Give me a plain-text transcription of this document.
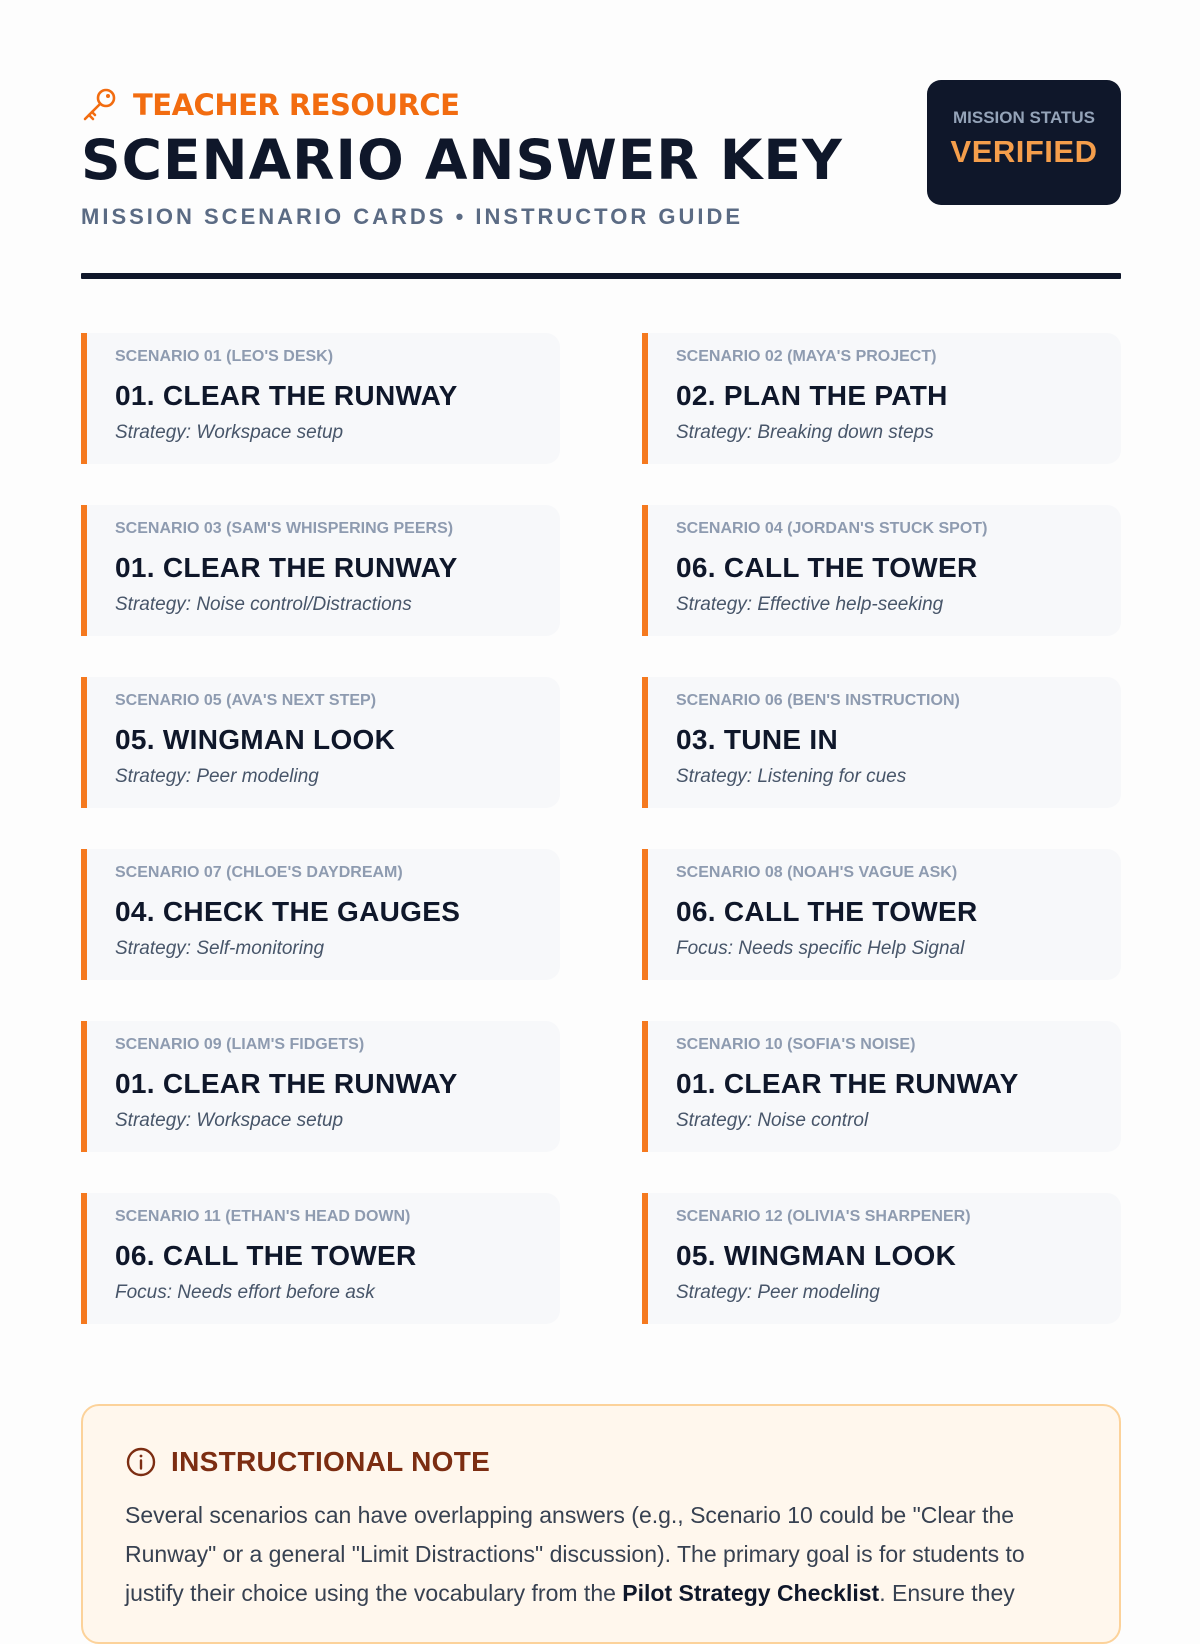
TEACHER RESOURCE
SCENARIO ANSWER KEY
MISSION SCENARIO CARDS • INSTRUCTOR GUIDE
MISSION STATUS
VERIFIED
SCENARIO 01 (LEO'S DESK)
01. CLEAR THE RUNWAY
Strategy: Workspace setup
SCENARIO 02 (MAYA'S PROJECT)
02. PLAN THE PATH
Strategy: Breaking down steps
SCENARIO 03 (SAM'S WHISPERING PEERS)
01. CLEAR THE RUNWAY
Strategy: Noise control/Distractions
SCENARIO 04 (JORDAN'S STUCK SPOT)
06. CALL THE TOWER
Strategy: Effective help-seeking
SCENARIO 05 (AVA'S NEXT STEP)
05. WINGMAN LOOK
Strategy: Peer modeling
SCENARIO 06 (BEN'S INSTRUCTION)
03. TUNE IN
Strategy: Listening for cues
SCENARIO 07 (CHLOE'S DAYDREAM)
04. CHECK THE GAUGES
Strategy: Self-monitoring
SCENARIO 08 (NOAH'S VAGUE ASK)
06. CALL THE TOWER
Focus: Needs specific Help Signal
SCENARIO 09 (LIAM'S FIDGETS)
01. CLEAR THE RUNWAY
Strategy: Workspace setup
SCENARIO 10 (SOFIA'S NOISE)
01. CLEAR THE RUNWAY
Strategy: Noise control
SCENARIO 11 (ETHAN'S HEAD DOWN)
06. CALL THE TOWER
Focus: Needs effort before ask
SCENARIO 12 (OLIVIA'S SHARPENER)
05. WINGMAN LOOK
Strategy: Peer modeling
INSTRUCTIONAL NOTE

Several scenarios can have overlapping answers (e.g., Scenario 10 could be "Clear the Runway" or a general "Limit Distractions" discussion). The primary goal is for students to justify their choice using the vocabulary from the Pilot Strategy Checklist. Ensure they
